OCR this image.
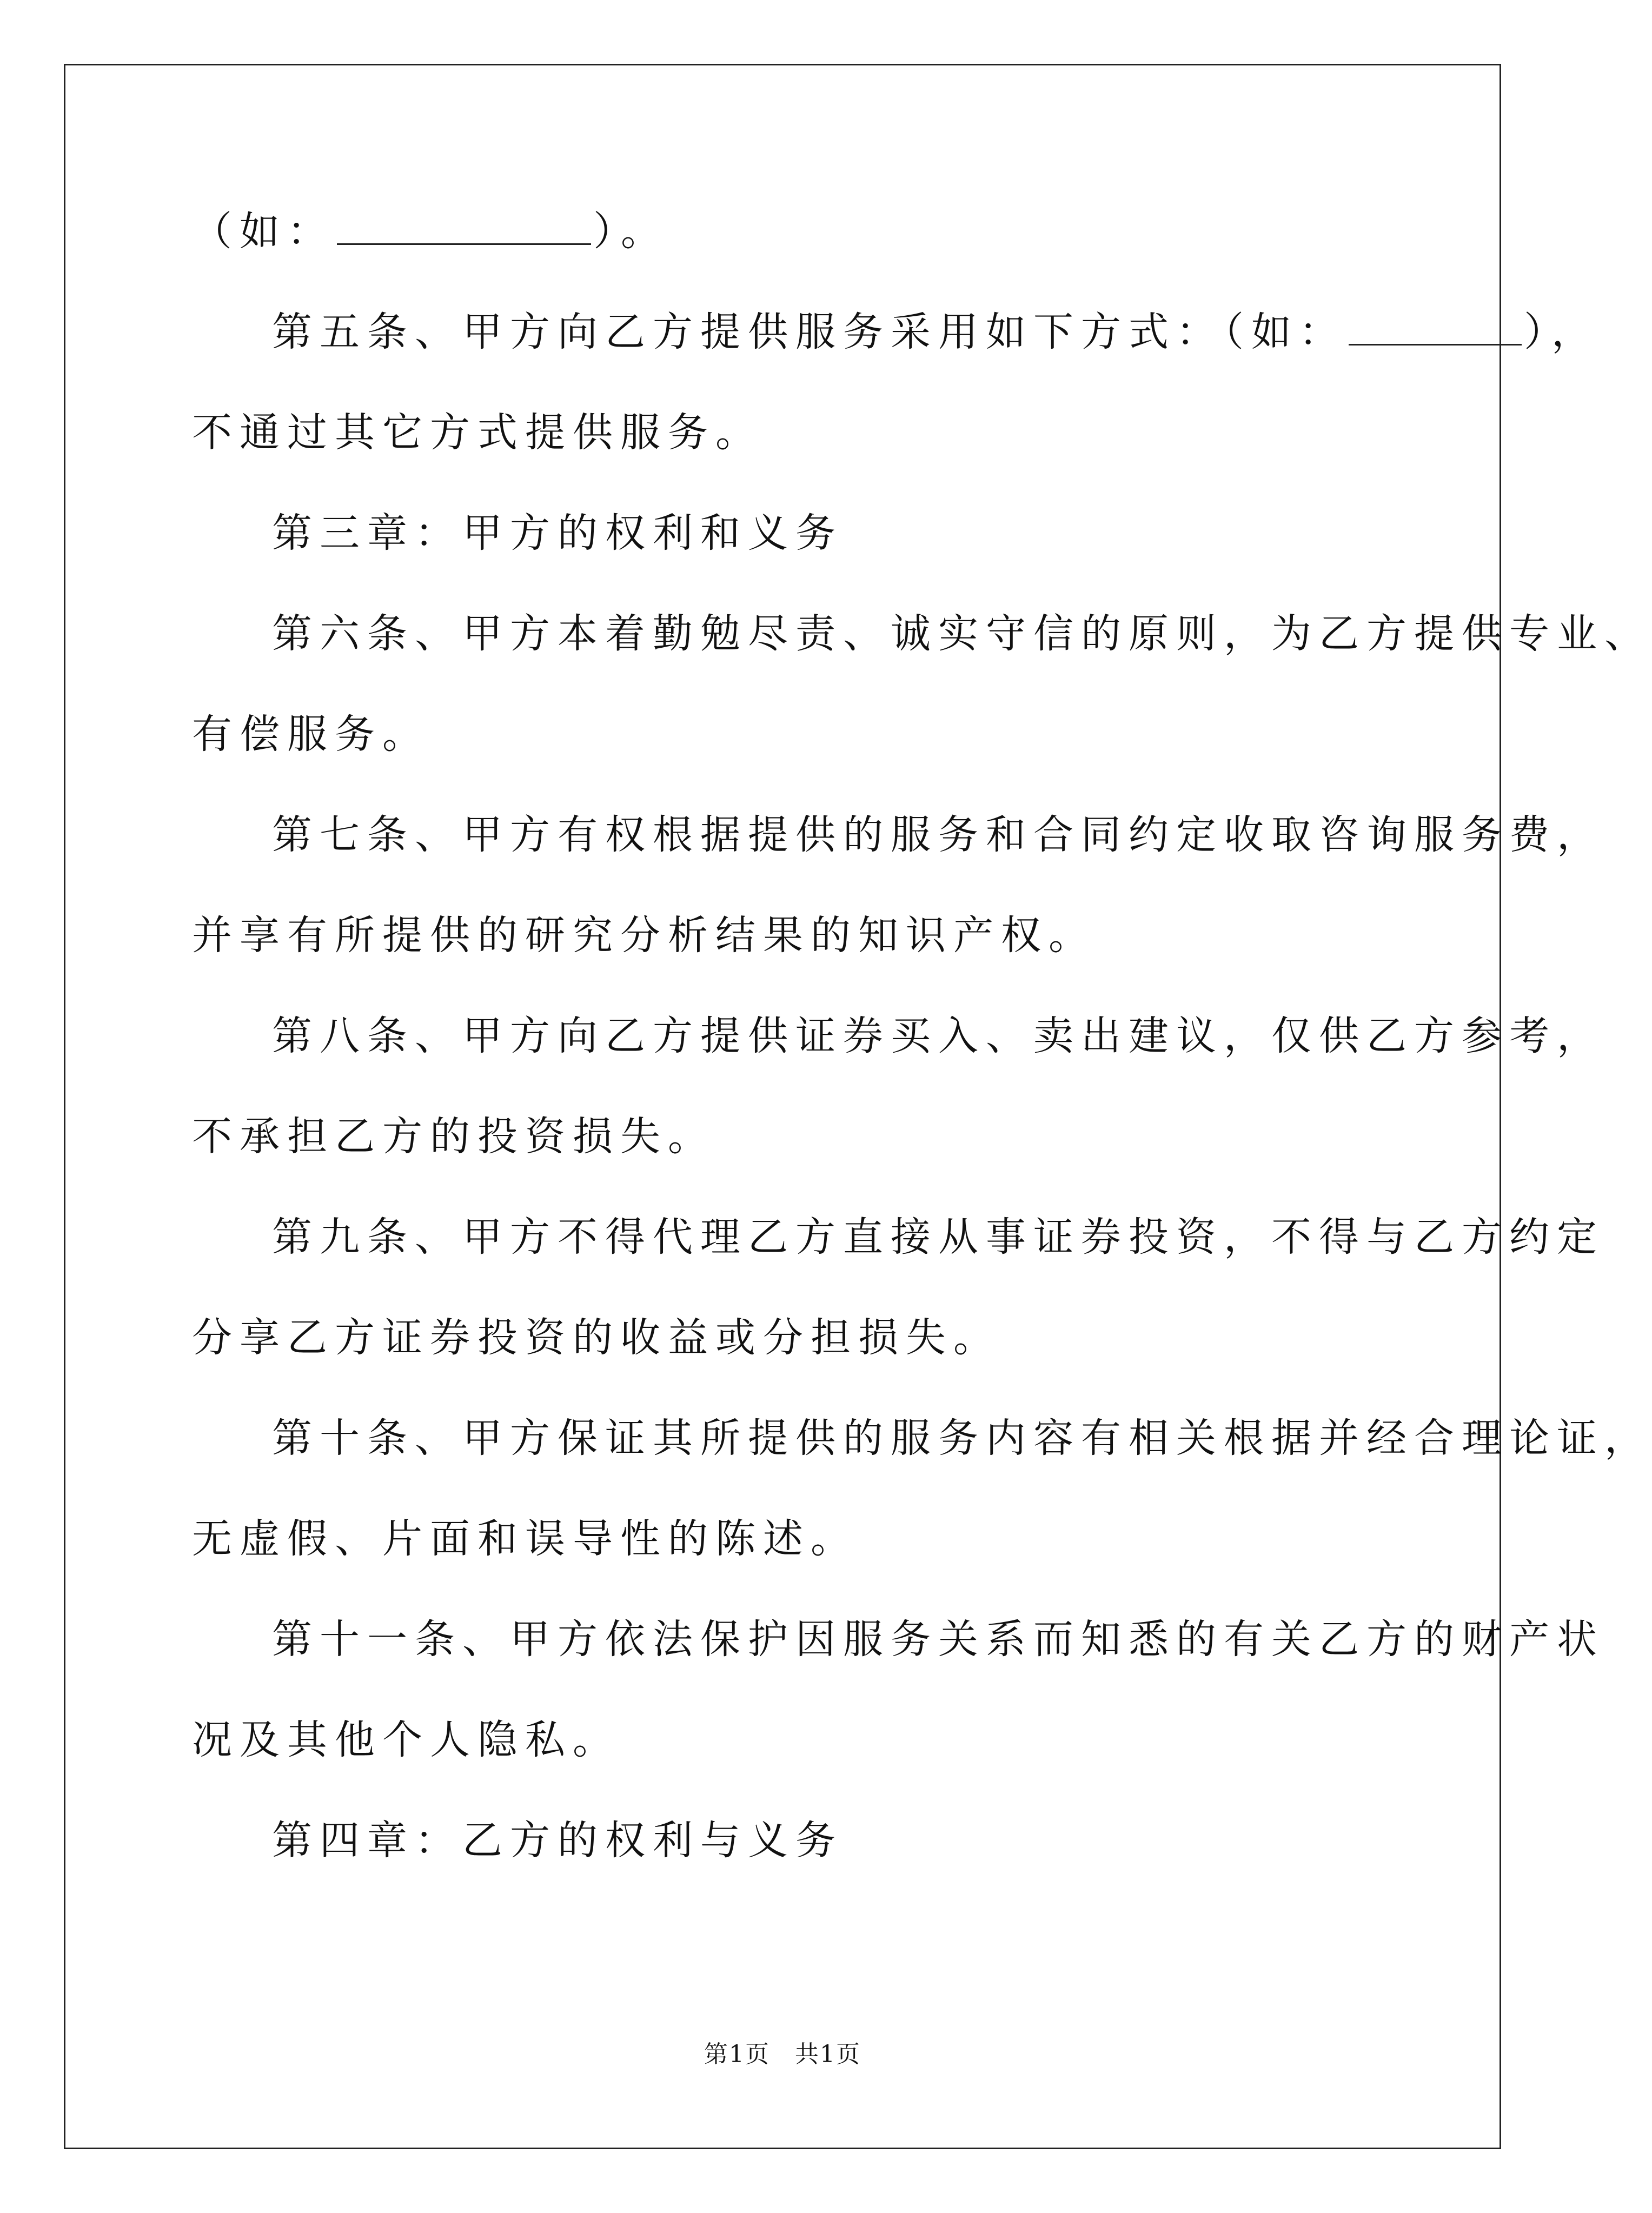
（如：	）。
第五条、甲方向乙方提供服务采用如下方式：（如：	），
不通过其它方式提供服务。
第三章：甲方的权利和义务
第六条、甲方本着勤勉尽责、诚实守信的原则，为乙方提供专业、
有偿服务。
第七条、甲方有权根据提供的服务和合同约定收取咨询服务费，
并享有所提供的研究分析结果的知识产权。
第八条、甲方向乙方提供证券买入、卖出建议，仅供乙方参考，
不承担乙方的投资损失。
第九条、甲方不得代理乙方直接从事证券投资，不得与乙方约定
分享乙方证券投资的收益或分担损失。
第十条、甲方保证其所提供的服务内容有相关根据并经合理论证，
无虚假、片面和误导性的陈述。
第十一条、甲方依法保护因服务关系而知悉的有关乙方的财产状
况及其他个人隐私。
第四章：乙方的权利与义务
第1页　共1页
